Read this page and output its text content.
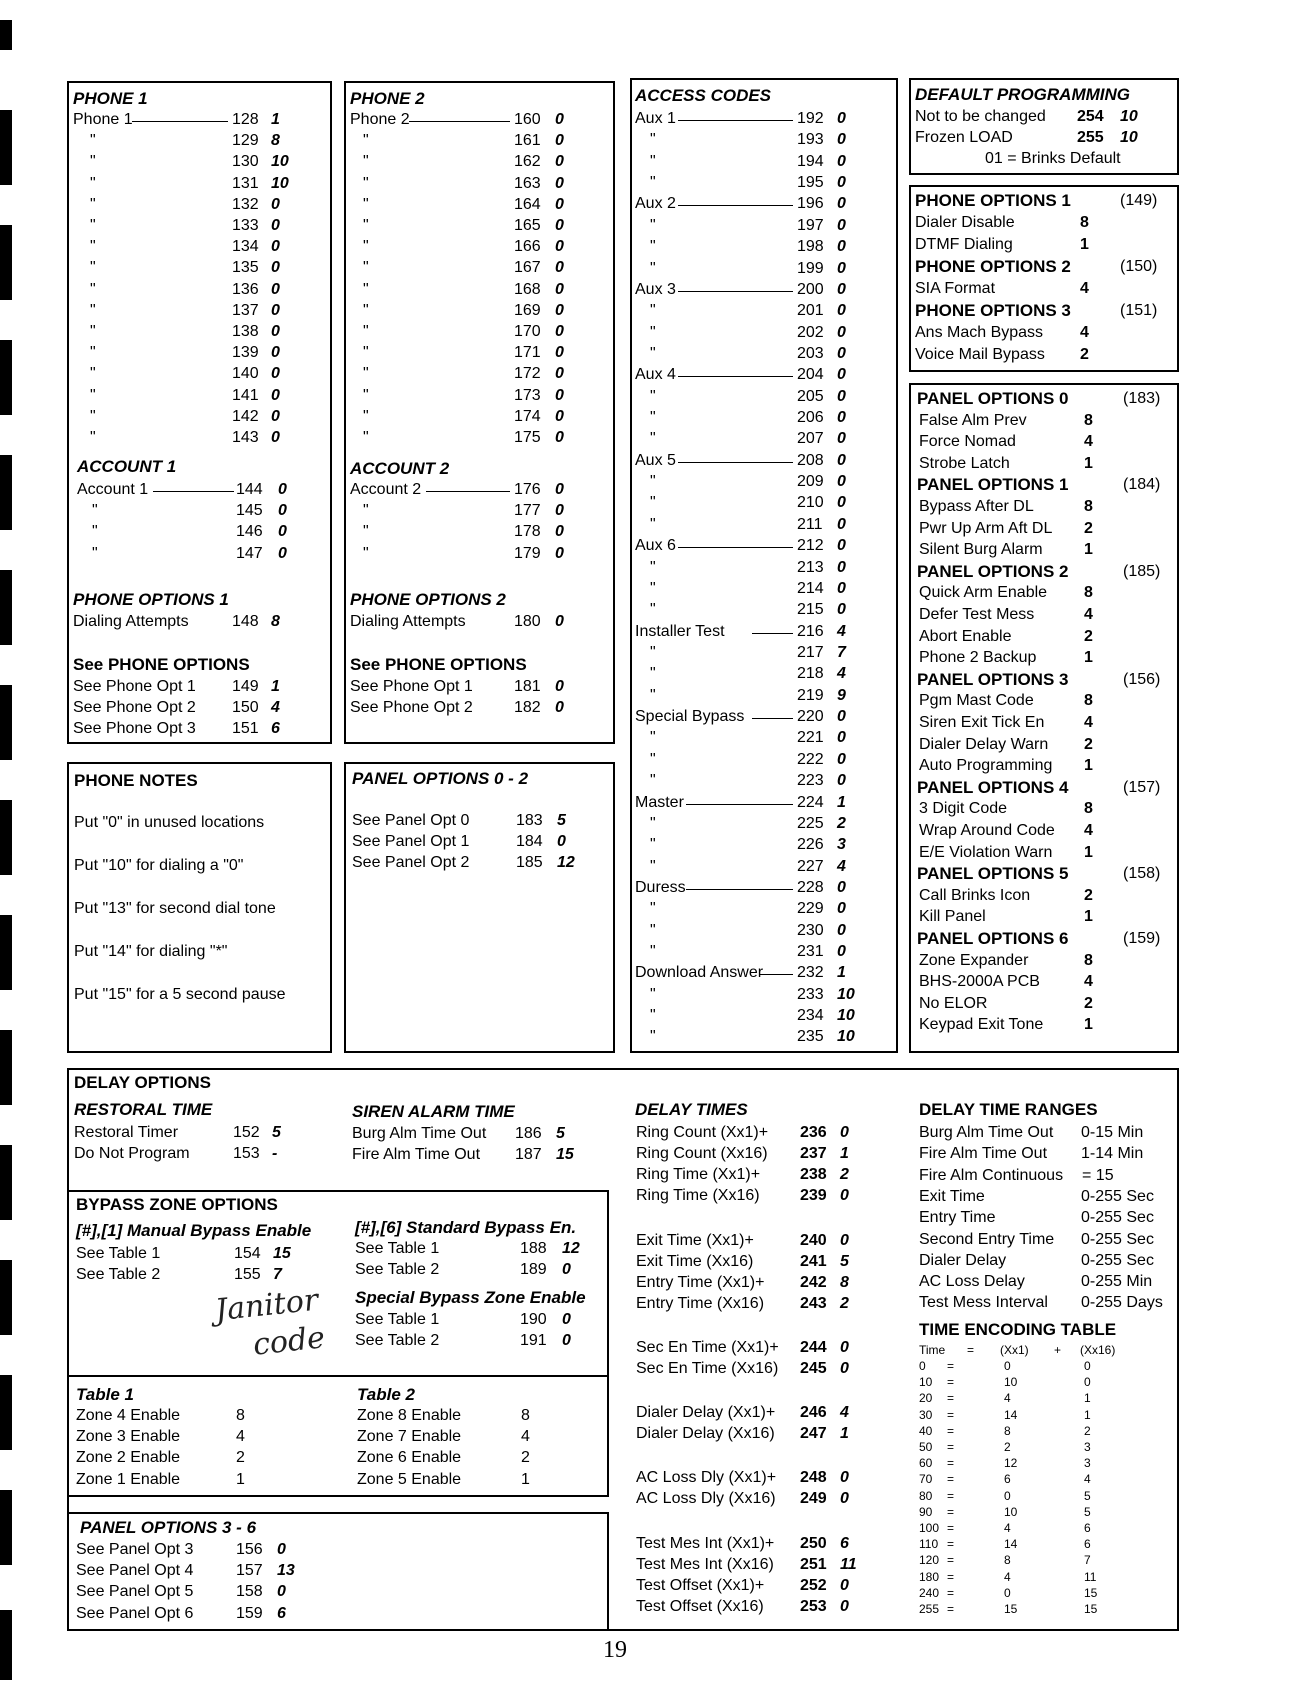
PHONE 1
Phone 1	128 1
"	129 8
"	130 10
"	131 10
"	132 0
"	133 0
"	134 0
"	135 0
"	136 0
"	137 0
"	138 0
"	139 0
"	140 0
"	141 0
"	142 0
"	143 0
ACCOUNT 1
Account 1	144 0
"	145 0
"	146 0
"	147 0
PHONE OPTIONS 1
Dialing Attempts	148 8
See PHONE OPTIONS
See Phone Opt 1 149 1
See Phone Opt 2 150 4
See Phone Opt 3 151 6
PHONE 2
Phone 2	160 0
"	161 0
"	162 0
"	163 0
"	164 0
"	165 0
"	166 0
"	167 0
"	168 0
"	169 0
"	170 0
"	171 0
"	172 0
"	173 0
"	174 0
"	175 0
ACCOUNT 2
Account 2	176 0
"	177 0
"	178 0
"	179 0
PHONE OPTIONS 2
Dialing Attempts	180 0
See PHONE OPTIONS
See Phone Opt 1	181 0
See Phone Opt 2	182 0
ACCESS CODES
Aux 1	192 0
"	193 0
"	194 0
"	195 0
Aux 2	196 0
"	197 0
"	198 0
"	199 0
Aux 3	200 0
"	201 0
"	202 0
"	203 0
Aux 4	204 0
"	205 0
"	206 0
"	207 0
Aux 5	208 0
"	209 0
"	210 0
"	211 0
Aux 6	212 0
"	213 0
"	214 0
"	215 0
Installer Test	216 4
"	217 7
"	218 4
"	219 9
Special Bypass	220 0
"	221 0
"	222 0
"	223 0
Master	224 1
"	225 2
"	226 3
"	227 4
Duress	228 0
"	229 0
"	230 0
"	231 0
Download Answer 232 1
"	233 10
"	234 10
"	235 10
DEFAULT PROGRAMMING
Not to be changed 254 10
Frozen LOAD	255 10
01 = Brinks Default
PHONE OPTIONS 1	(149)
Dialer Disable	8
DTMF Dialing	1
PHONE OPTIONS 2	(150)
SIA Format	4
PHONE OPTIONS 3	(151)
Ans Mach Bypass 4
Voice Mail Bypass 2
PANEL OPTIONS 0	(183)
False Alm Prev	8
Force Nomad	4
Strobe Latch	1
PANEL OPTIONS 1	(184)
Bypass After DL	8
Pwr Up Arm Aft DL 2
Silent Burg Alarm	1
PANEL OPTIONS 2	(185)
Quick Arm Enable 8
Defer Test Mess	4
Abort Enable	2
Phone 2 Backup	1
PANEL OPTIONS 3	(156)
Pgm Mast Code	8
Siren Exit Tick En 4
Dialer Delay Warn 2
Auto Programming 1
PANEL OPTIONS 4	(157)
3 Digit Code	8
Wrap Around Code 4
E/E Violation Warn 1
PANEL OPTIONS 5	(158)
Call Brinks Icon	2
Kill Panel	1
PANEL OPTIONS 6	(159)
Zone Expander	8
BHS-2000A PCB	4
No ELOR	2
Keypad Exit Tone	1
PHONE NOTES
Put "0" in unused locations
Put "10" for dialing a "0"
Put "13" for second dial tone
Put "14" for dialing "*"
Put "15" for a 5 second pause
PANEL OPTIONS 0 - 2
See Panel Opt 0	183 5
See Panel Opt 1	184 0
See Panel Opt 2	185 12
DELAY OPTIONS
RESTORAL TIME
Restoral Timer	152 5
Do Not Program	153 -
SIREN ALARM TIME
Burg Alm Time Out 186 5
Fire Alm Time Out 187 15
DELAY TIMES
Ring Count (Xx1)+ 236 0
Ring Count (Xx16) 237 1
Ring Time (Xx1)+ 238 2
Ring Time (Xx16)	239 0
Exit Time (Xx1)+	240 0
Exit Time (Xx16)	241 5
Entry Time (Xx1)+ 242 8
Entry Time (Xx16) 243 2
Sec En Time (Xx1)+ 244 0
Sec En Time (Xx16) 245 0
Dialer Delay (Xx1)+ 246 4
Dialer Delay (Xx16) 247 1
AC Loss Dly (Xx1)+ 248 0
AC Loss Dly (Xx16) 249 0
Test Mes Int (Xx1)+ 250 6
Test Mes Int (Xx16) 251 11
Test Offset (Xx1)+ 252 0
Test Offset (Xx16) 253 0
DELAY TIME RANGES
Burg Alm Time Out 0-15 Min
Fire Alm Time Out 1-14 Min
Fire Alm Continuous = 15
Exit Time	0-255 Sec
Entry Time	0-255 Sec
Second Entry Time 0-255 Sec
Dialer Delay	0-255 Sec
AC Loss Delay	0-255 Min
Test Mess Interval 0-255 Days
TIME ENCODING TABLE
Time = (Xx1) + (Xx16)
0 =	0	0
10 =	10	0
20 =	4	1
30 =	14	1
40 =	8	2
50 =	2	3
60 =	12	3
70 =	6	4
80 =	0	5
90 =	10	5
100 =	4	6
110 =	14	6
120 =	8	7
180 =	4	11
240 =	0	15
255 =	15	15
BYPASS ZONE OPTIONS
[#],[1] Manual Bypass Enable
See Table 1	154 15
See Table 2	155 7
[#],[6] Standard Bypass En.
See Table 1	188 12
See Table 2	189 0
Special Bypass Zone Enable
See Table 1	190 0
See Table 2	191 0
Janitor
code
Table 1
Zone 4 Enable	8
Zone 3 Enable	4
Zone 2 Enable	2
Zone 1 Enable	1
Table 2
Zone 8 Enable	8
Zone 7 Enable	4
Zone 6 Enable	2
Zone 5 Enable	1
PANEL OPTIONS 3 - 6
See Panel Opt 3	156 0
See Panel Opt 4	157 13
See Panel Opt 5	158 0
See Panel Opt 6	159 6
19
